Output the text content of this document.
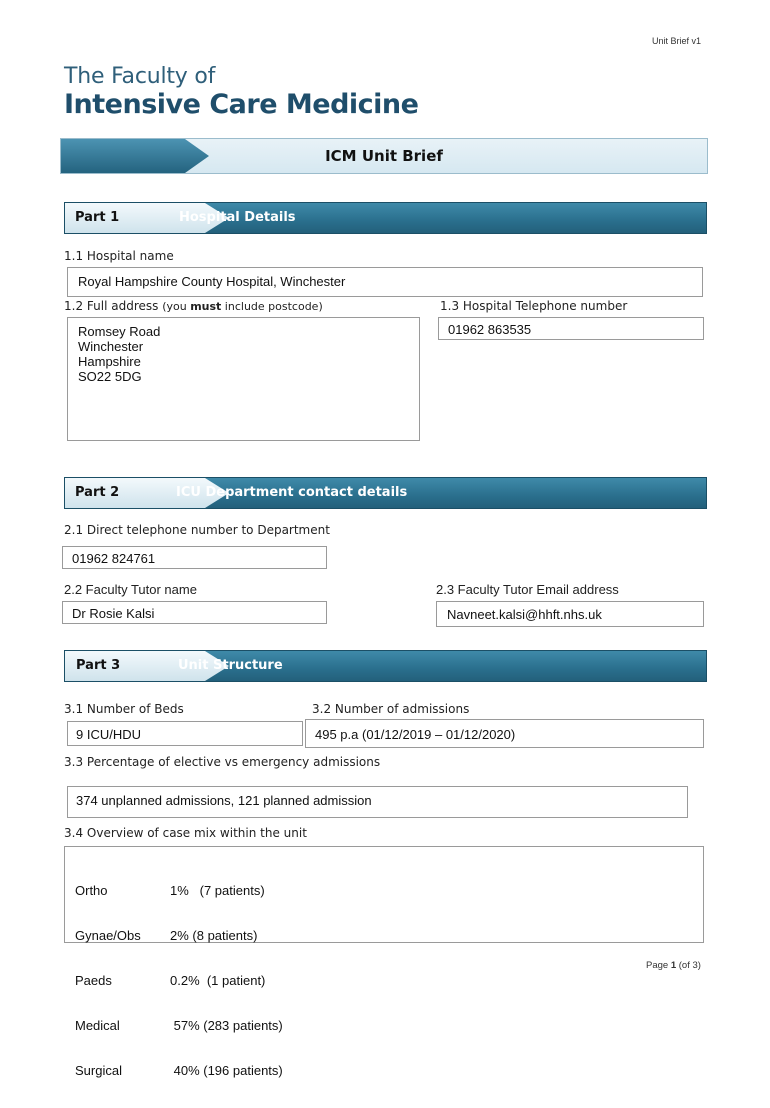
Unit Brief v1
The Faculty of
Intensive Care Medicine
ICM Unit Brief
Part 1	Hospital Details
1.1 Hospital name
Royal Hampshire County Hospital, Winchester
1.2 Full address (you must include postcode)	1.3 Hospital Telephone number
Romsey Road
Winchester
Hampshire
SO22 5DG
01962 863535
Part 2	ICU Department contact details
2.1 Direct telephone number to Department
01962 824761
2.2 Faculty Tutor name	2.3 Faculty Tutor Email address
Dr Rosie Kalsi	Navneet.kalsi@hhft.nhs.uk
Part 3	Unit Structure
3.1 Number of Beds	3.2 Number of admissions
9 ICU/HDU	495 p.a (01/12/2019 – 01/12/2020)
3.3 Percentage of elective vs emergency admissions
374 unplanned admissions, 121 planned admission
3.4 Overview of case mix within the unit

Ortho	1%   (7 patients)

Gynae/Obs	2% (8 patients)

Paeds	0.2%  (1 patient)

Medical	57% (283 patients)

Surgical	40% (196 patients)

Page 1 (of 3)
